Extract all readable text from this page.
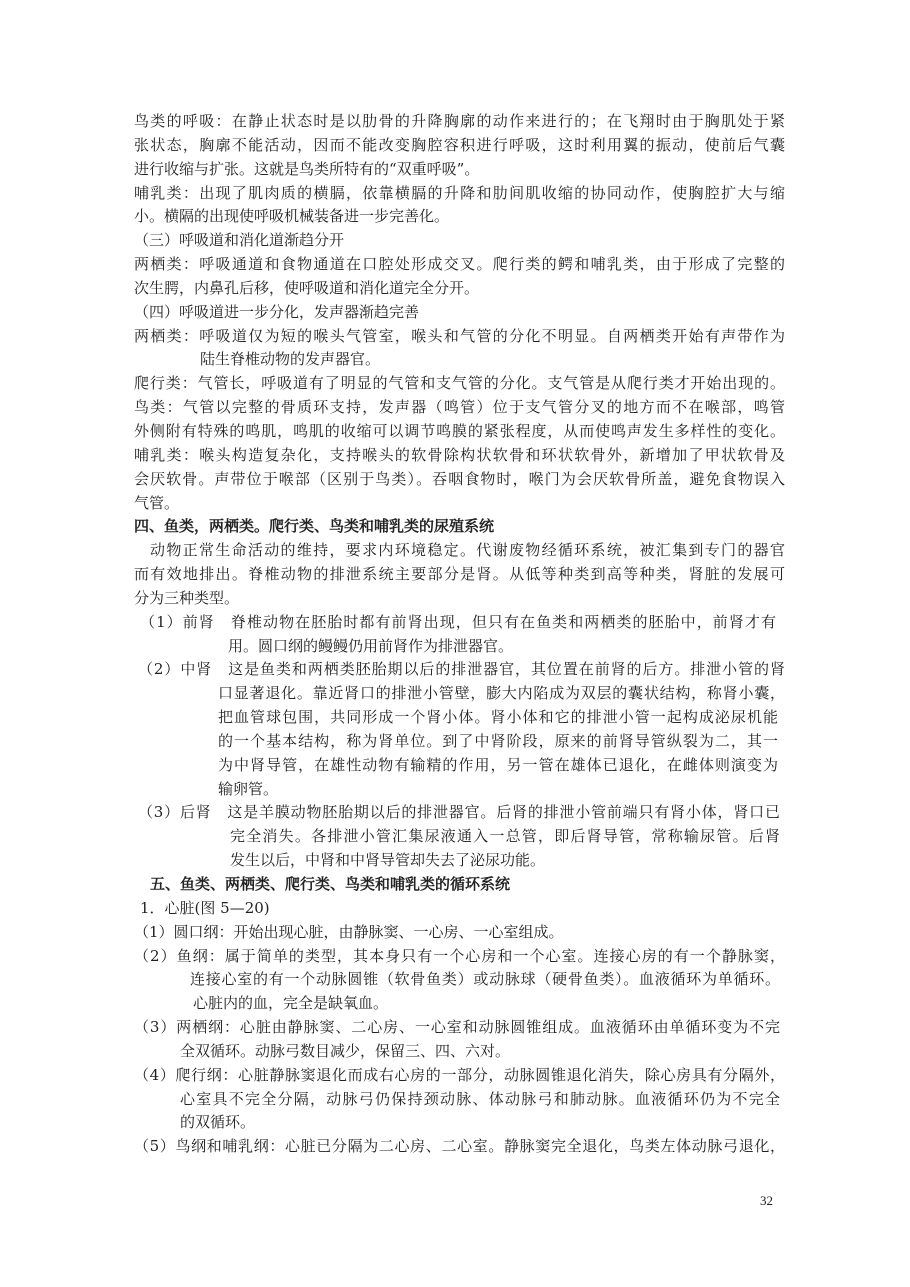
鸟类的呼吸：在静止状态时是以肋骨的升降胸廓的动作来进行的；在飞翔时由于胸肌处于紧
张状态，胸廓不能活动，因而不能改变胸腔容积进行呼吸，这时利用翼的振动，使前后气囊
进行收缩与扩张。这就是鸟类所特有的“双重呼吸”。
哺乳类：出现了肌肉质的横膈，依靠横膈的升降和肋间肌收缩的协同动作，使胸腔扩大与缩
小。横隔的出现使呼吸机械装备进一步完善化。
（三）呼吸道和消化道渐趋分开
两栖类：呼吸通道和食物通道在口腔处形成交叉。爬行类的鳄和哺乳类，由于形成了完整的
次生腭，内鼻孔后移，使呼吸道和消化道完全分开。
（四）呼吸道进一步分化，发声器渐趋完善
两栖类：呼吸道仅为短的喉头气管室，喉头和气管的分化不明显。自两栖类开始有声带作为
陆生脊椎动物的发声器官。
爬行类：气管长，呼吸道有了明显的气管和支气管的分化。支气管是从爬行类才开始出现的。
鸟类：气管以完整的骨质环支持，发声器（鸣管）位于支气管分叉的地方而不在喉部，鸣管
外侧附有特殊的鸣肌，鸣肌的收缩可以调节鸣膜的紧张程度，从而使鸣声发生多样性的变化。
哺乳类：喉头构造复杂化，支持喉头的软骨除构状软骨和环状软骨外，新增加了甲状软骨及
会厌软骨。声带位于喉部（区别于鸟类）。吞咽食物时，喉门为会厌软骨所盖，避免食物误入
气管。
四、鱼类，两栖类。爬行类、鸟类和哺乳类的尿殖系统
动物正常生命活动的维持，要求内环境稳定。代谢废物经循环系统，被汇集到专门的器官
而有效地排出。脊椎动物的排泄系统主要部分是肾。从低等种类到高等种类，肾脏的发展可
分为三种类型。
（1）前肾　脊椎动物在胚胎时都有前肾出现，但只有在鱼类和两栖类的胚胎中，前肾才有
用。圆口纲的鳗鳗仍用前肾作为排泄器官。
（2）中肾　这是鱼类和两栖类胚胎期以后的排泄器官，其位置在前肾的后方。排泄小管的肾
口显著退化。靠近肾口的排泄小管壁，膨大内陷成为双层的囊状结构，称肾小囊，
把血管球包围，共同形成一个肾小体。肾小体和它的排泄小管一起构成泌尿机能
的一个基本结构，称为肾单位。到了中肾阶段，原来的前肾导管纵裂为二，其一
为中肾导管，在雄性动物有输精的作用，另一管在雄体已退化，在雌体则演变为
输卵管。
（3）后肾　这是羊膜动物胚胎期以后的排泄器官。后肾的排泄小管前端只有肾小体，肾口已
完全消失。各排泄小管汇集尿液通入一总管，即后肾导管，常称输尿管。后肾
发生以后，中肾和中肾导管却失去了泌尿功能。
五、鱼类、两栖类、爬行类、鸟类和哺乳类的循环系统
1．心脏(图 5—20)
（1）圆口纲：开始出现心脏，由静脉窦、一心房、一心室组成。
（2）鱼纲：属于简单的类型，其本身只有一个心房和一个心室。连接心房的有一个静脉窦，
连接心室的有一个动脉圆锥（软骨鱼类）或动脉球（硬骨鱼类）。血液循环为单循环。
心脏内的血，完全是缺氧血。
（3）两栖纲：心脏由静脉窦、二心房、一心室和动脉圆锥组成。血液循环由单循环变为不完
全双循环。动脉弓数目减少，保留三、四、六对。
（4）爬行纲：心脏静脉窦退化而成右心房的一部分，动脉圆锥退化消失，除心房具有分隔外，
心室具不完全分隔，动脉弓仍保持颈动脉、体动脉弓和肺动脉。血液循环仍为不完全
的双循环。
（5）鸟纲和哺乳纲：心脏已分隔为二心房、二心室。静脉窦完全退化，鸟类左体动脉弓退化，
32
